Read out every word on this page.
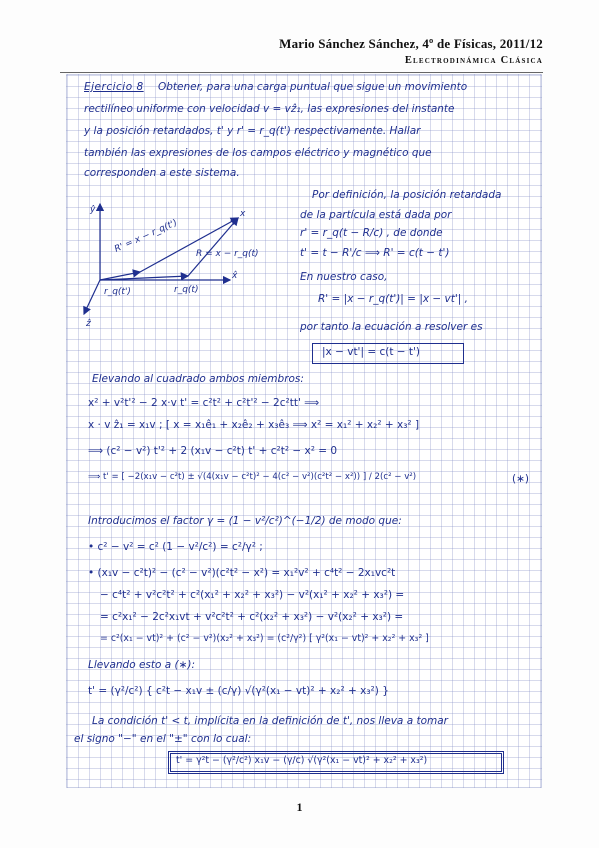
Mario Sánchez Sánchez, 4º de Físicas, 2011/12
Electrodinámica Clásica

Ejercicio 8 Obtener, para una carga puntual que sigue un movimiento

rectilíneo uniforme con velocidad v = vẑ₁, las expresiones del instante

y la posición retardados, t' y r' = r_q(t') respectivamente. Hallar

también las expresiones de los campos eléctrico y magnético que

corresponden a este sistema.

ŷ
x̂
ẑ
x
R' = x − r_q(t') R = x − r_q(t)
r_q(t')	r_q(t)

Por definición, la posición retardada

de la partícula está dada por

r' = r_q(t − R/c) , de donde

t' = t − R'/c ⟹ R' = c(t − t')

En nuestro caso,

R' = |x − r_q(t')| = |x − vt'| ,

por tanto la ecuación a resolver es

|x − vt'| = c(t − t')

Elevando al cuadrado ambos miembros:

x² + v²t'² − 2 x·v t' = c²t² + c²t'² − 2c²tt' ⟹

x · v ẑ₁ = x₁v ; [ x = x₁ê₁ + x₂ê₂ + x₃ê₃ ⟹ x² = x₁² + x₂² + x₃² ]

⟹ (c² − v²) t'² + 2 (x₁v − c²t) t' + c²t² − x² = 0

⟹ t' = [ −2(x₁v − c²t) ± √(4(x₁v − c²t)² − 4(c² − v²)(c²t² − x²)) ] / 2(c² − v²)	(∗)

Introducimos el factor γ = (1 − v²/c²)^(−1/2) de modo que:

• c² − v² = c² (1 − v²/c²) = c²/γ² ;

• (x₁v − c²t)² − (c² − v²)(c²t² − x²) = x₁²v² + c⁴t² − 2x₁vc²t

− c⁴t² + v²c²t² + c²(x₁² + x₂² + x₃²) − v²(x₁² + x₂² + x₃²) =

= c²x₁² − 2c²x₁vt + v²c²t² + c²(x₂² + x₃²) − v²(x₂² + x₃²) =

= c²(x₁ − vt)² + (c² − v²)(x₂² + x₃²) = (c²/γ²) [ γ²(x₁ − vt)² + x₂² + x₃² ]

Llevando esto a (∗):

t' = (γ²/c²) { c²t − x₁v ± (c/γ) √(γ²(x₁ − vt)² + x₂² + x₃²) }

La condición t' < t, implícita en la definición de t', nos lleva a tomar

el signo "−" en el "±" con lo cual:

t' = γ²t − (γ²/c²) x₁v − (γ/c) √(γ²(x₁ − vt)² + x₂² + x₃²)

1
